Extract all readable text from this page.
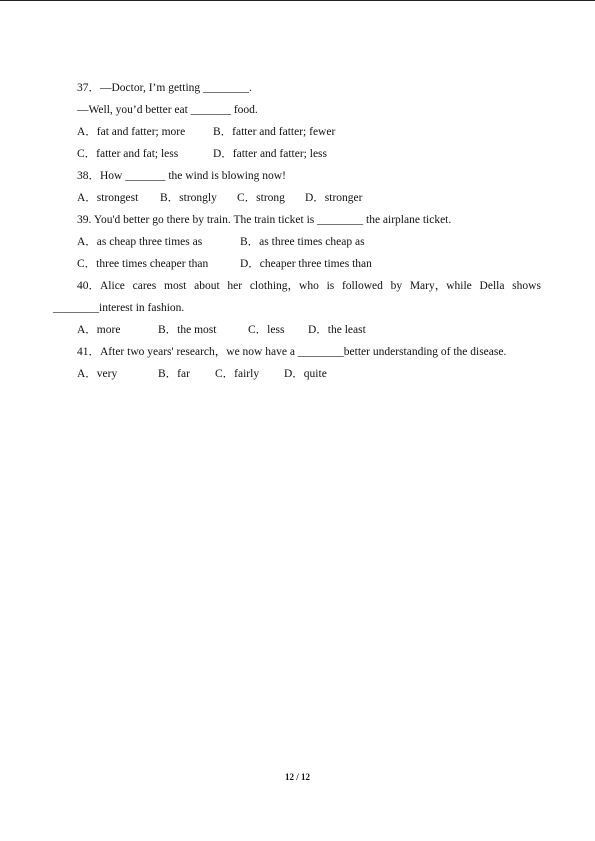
37．—Doctor, I’m getting ________.
—Well, you’d better eat _______ food.
A．fat and fatter; more B．fatter and fatter; fewer
C．fatter and fat; less	D．fatter and fatter; less
38．How _______ the wind is blowing now!
A．strongest B．strongly C．strong D．stronger
39. You'd better go there by train. The train ticket is ________ the airplane ticket.
A．as cheap three times as	B．as three times cheap as
C．three times cheaper than	D．cheaper three times than
40．Alice cares most about her clothing，who is followed by Mary，while Della shows
________interest in fashion.
A．more	B．the most	C．less D．the least
41．After two years' research，we now have a ________better understanding of the disease.
A．very	B．far C．fairly D．quite
12 / 12
